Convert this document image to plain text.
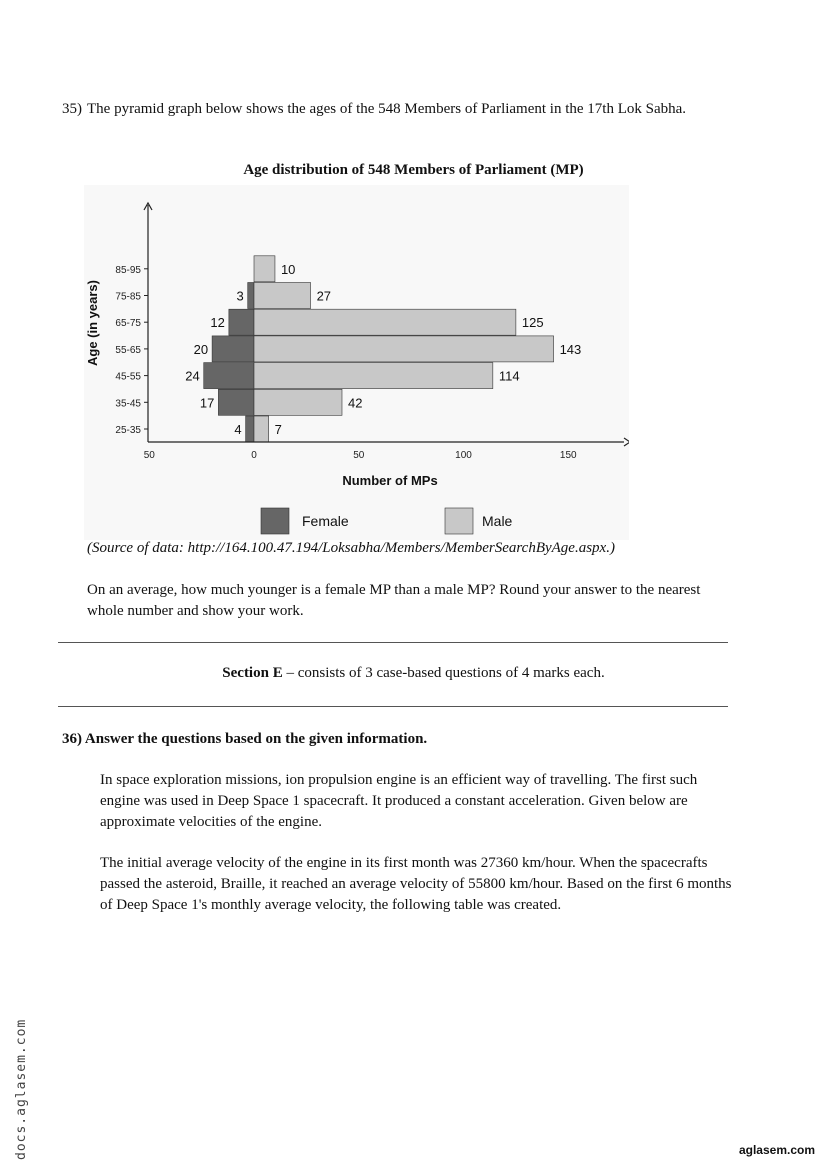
35) The pyramid graph below shows the ages of the 548 Members of Parliament in the 17th Lok Sabha.
Age distribution of 548 Members of Parliament (MP)
4	7
25-35
17	42
35-45
24	114
45-55
20	143
55-65
12	125
65-75
3	27
75-85
10
85-95
50	0	50	100	150
Number of MPs
Age (in years)
Female	Male
(Source of data: http://164.100.47.194/Loksabha/Members/MemberSearchByAge.aspx.)
On an average, how much younger is a female MP than a male MP? Round your answer to the nearest whole number and show your work.
Section E – consists of 3 case-based questions of 4 marks each.
36) Answer the questions based on the given information.
In space exploration missions, ion propulsion engine is an efficient way of travelling. The first such engine was used in Deep Space 1 spacecraft. It produced a constant acceleration. Given below are approximate velocities of the engine.
The initial average velocity of the engine in its first month was 27360 km/hour. When the spacecrafts passed the asteroid, Braille, it reached an average velocity of 55800 km/hour. Based on the first 6 months of Deep Space 1's monthly average velocity, the following table was created.
docs.aglasem.com	aglasem.com
